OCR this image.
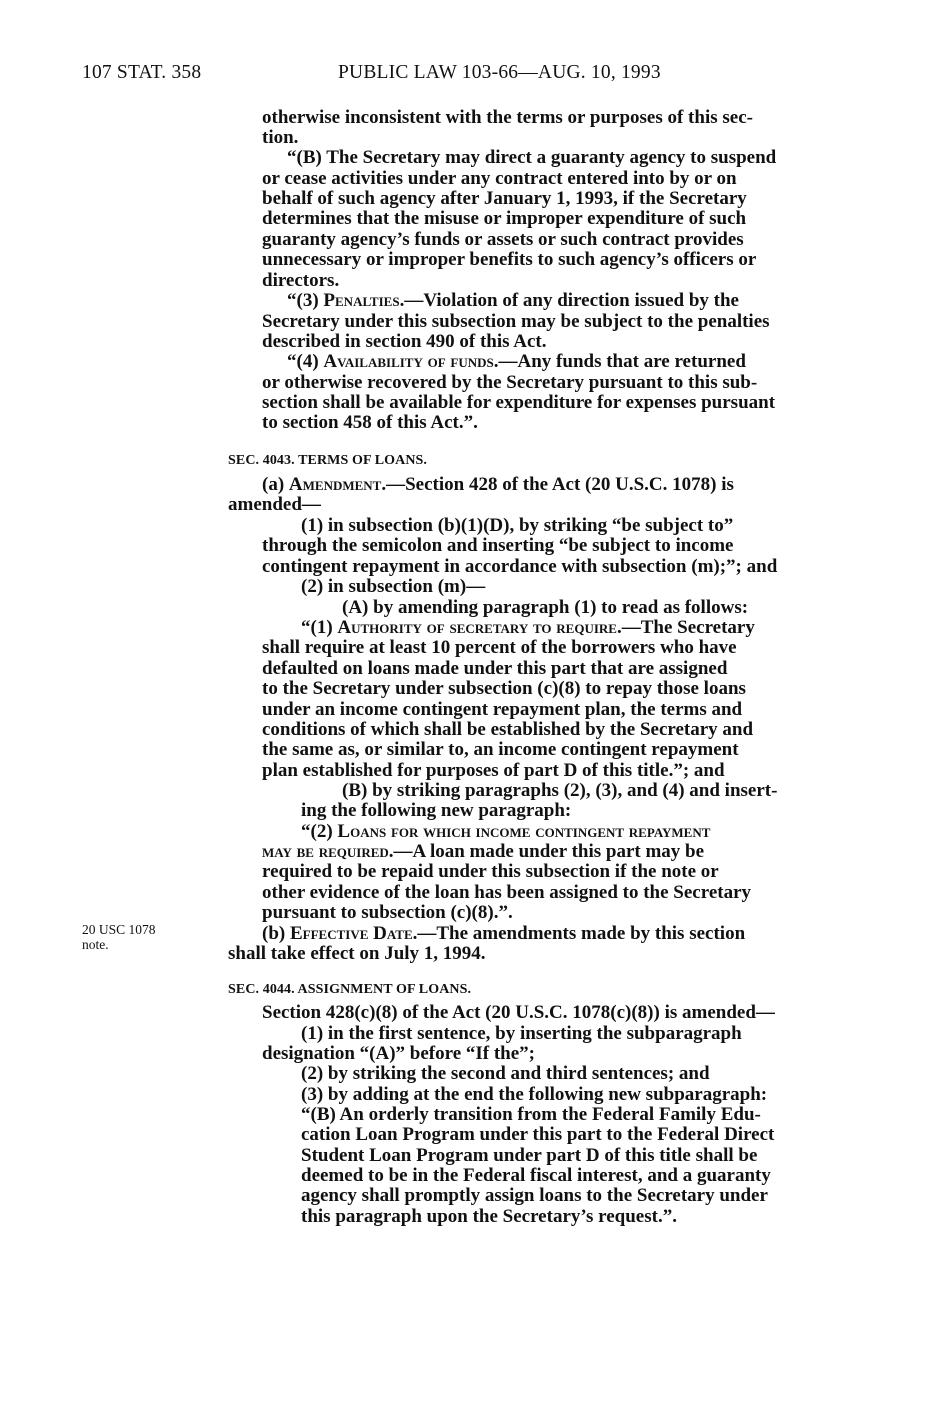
107 STAT. 358	PUBLIC LAW 103-66—AUG. 10, 1993
otherwise inconsistent with the terms or purposes of this sec-
tion.
“(B) The Secretary may direct a guaranty agency to suspend
or cease activities under any contract entered into by or on
behalf of such agency after January 1, 1993, if the Secretary
determines that the misuse or improper expenditure of such
guaranty agency’s funds or assets or such contract provides
unnecessary or improper benefits to such agency’s officers or
directors.
“(3) Penalties.—Violation of any direction issued by the
Secretary under this subsection may be subject to the penalties
described in section 490 of this Act.
“(4) Availability of funds.—Any funds that are returned
or otherwise recovered by the Secretary pursuant to this sub-
section shall be available for expenditure for expenses pursuant
to section 458 of this Act.”.
SEC. 4043. TERMS OF LOANS.
(a) Amendment.—Section 428 of the Act (20 U.S.C. 1078) is
amended—
(1) in subsection (b)(1)(D), by striking “be subject to”
through the semicolon and inserting “be subject to income
contingent repayment in accordance with subsection (m);”; and
(2) in subsection (m)—
(A) by amending paragraph (1) to read as follows:
“(1) Authority of secretary to require.—The Secretary
shall require at least 10 percent of the borrowers who have
defaulted on loans made under this part that are assigned
to the Secretary under subsection (c)(8) to repay those loans
under an income contingent repayment plan, the terms and
conditions of which shall be established by the Secretary and
the same as, or similar to, an income contingent repayment
plan established for purposes of part D of this title.”; and
(B) by striking paragraphs (2), (3), and (4) and insert-
ing the following new paragraph:
“(2) Loans for which income contingent repayment
may be required.—A loan made under this part may be
required to be repaid under this subsection if the note or
other evidence of the loan has been assigned to the Secretary
pursuant to subsection (c)(8).”.
20 USC 1078
note.
(b) Effective Date.—The amendments made by this section
shall take effect on July 1, 1994.
SEC. 4044. ASSIGNMENT OF LOANS.
Section 428(c)(8) of the Act (20 U.S.C. 1078(c)(8)) is amended—
(1) in the first sentence, by inserting the subparagraph
designation “(A)” before “If the”;
(2) by striking the second and third sentences; and
(3) by adding at the end the following new subparagraph:
“(B) An orderly transition from the Federal Family Edu-
cation Loan Program under this part to the Federal Direct
Student Loan Program under part D of this title shall be
deemed to be in the Federal fiscal interest, and a guaranty
agency shall promptly assign loans to the Secretary under
this paragraph upon the Secretary’s request.”.
